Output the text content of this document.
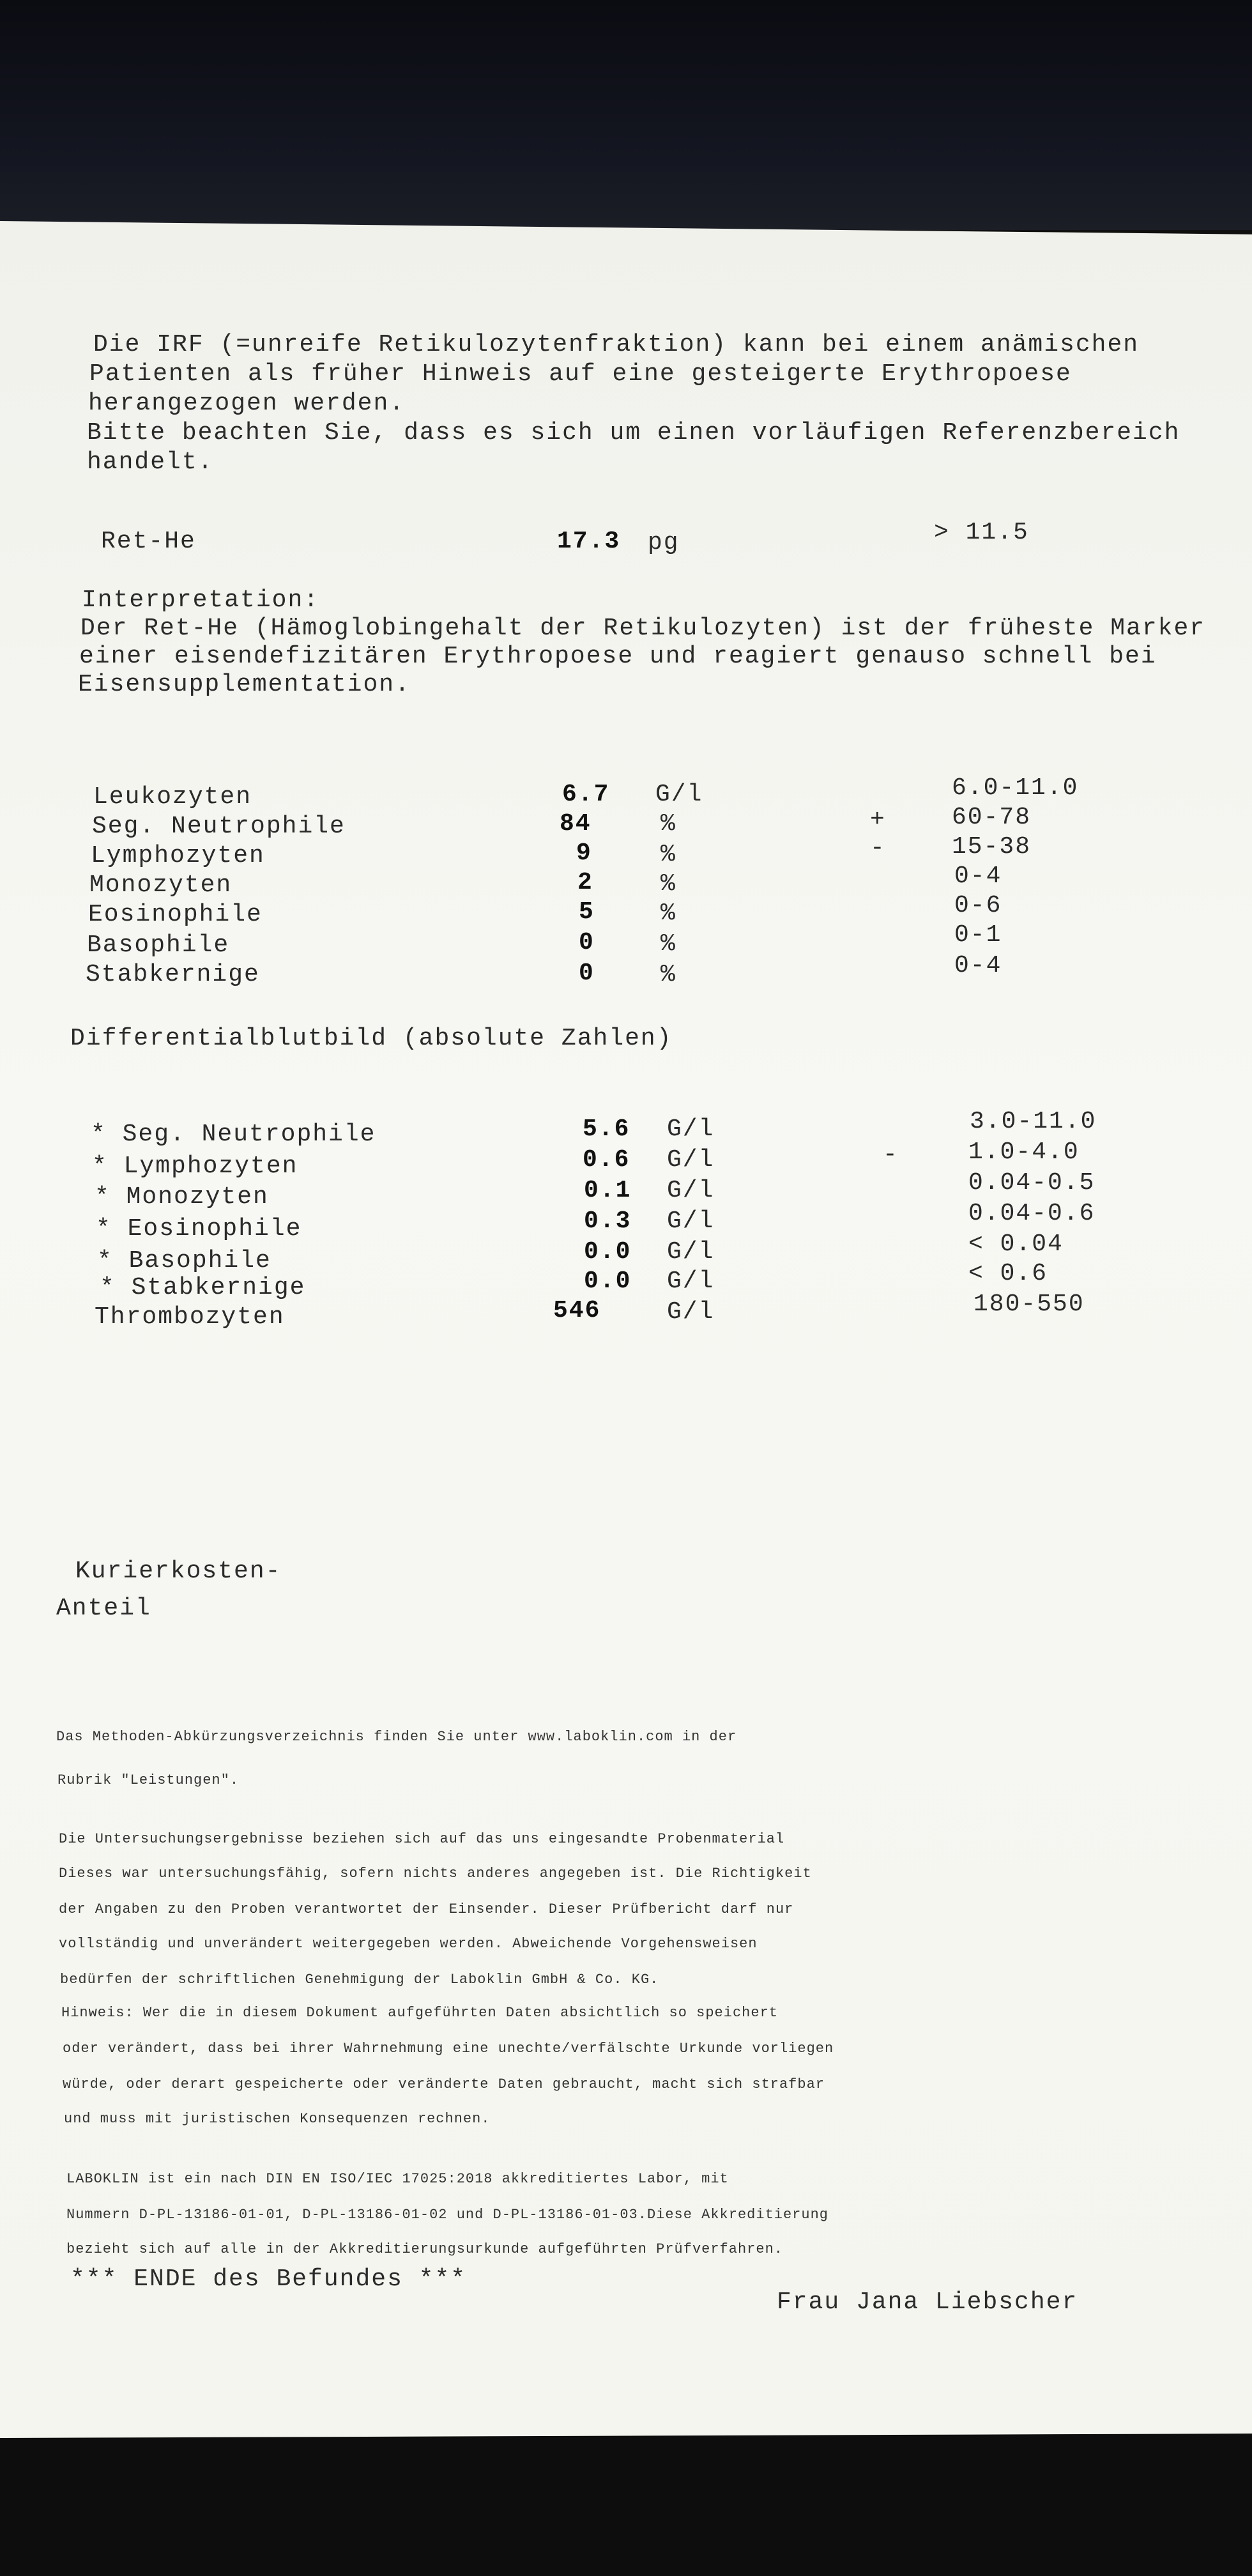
Die IRF (=unreife Retikulozytenfraktion) kann bei einem anämischen
Patienten als früher Hinweis auf eine gesteigerte Erythropoese
herangezogen werden.
Bitte beachten Sie, dass es sich um einen vorläufigen Referenzbereich
handelt.
Ret-He	17.3 pg	> 11.5
Interpretation:
Der Ret-He (Hämoglobingehalt der Retikulozyten) ist der früheste Marker
einer eisendefizitären Erythropoese und reagiert genauso schnell bei
Eisensupplementation.
Leukozyten	6.7 G/l	6.0-11.0
Seg. Neutrophile	84	%	+	60-78
Lymphozyten	9	%	-	15-38
Monozyten	2	%	0-4
Eosinophile	5	%	0-6
Basophile	0	%	0-1
Stabkernige	0	%	0-4
Differentialblutbild (absolute Zahlen)
* Seg. Neutrophile	5.6 G/l	3.0-11.0
* Lymphozyten	0.6 G/l	-	1.0-4.0
* Monozyten	0.1 G/l	0.04-0.5
* Eosinophile	0.3 G/l	0.04-0.6
* Basophile	0.0 G/l	< 0.04
* Stabkernige	0.0 G/l	< 0.6
Thrombozyten	546	G/l	180-550
Kurierkosten-
Anteil
Das Methoden-Abkürzungsverzeichnis finden Sie unter www.laboklin.com in der
Rubrik "Leistungen".
Die Untersuchungsergebnisse beziehen sich auf das uns eingesandte Probenmaterial
Dieses war untersuchungsfähig, sofern nichts anderes angegeben ist. Die Richtigkeit
der Angaben zu den Proben verantwortet der Einsender. Dieser Prüfbericht darf nur
vollständig und unverändert weitergegeben werden. Abweichende Vorgehensweisen
bedürfen der schriftlichen Genehmigung der Laboklin GmbH & Co. KG.
Hinweis: Wer die in diesem Dokument aufgeführten Daten absichtlich so speichert
oder verändert, dass bei ihrer Wahrnehmung eine unechte/verfälschte Urkunde vorliegen
würde, oder derart gespeicherte oder veränderte Daten gebraucht, macht sich strafbar
und muss mit juristischen Konsequenzen rechnen.
LABOKLIN ist ein nach DIN EN ISO/IEC 17025:2018 akkreditiertes Labor, mit
Nummern D-PL-13186-01-01, D-PL-13186-01-02 und D-PL-13186-01-03.Diese Akkreditierung
bezieht sich auf alle in der Akkreditierungsurkunde aufgeführten Prüfverfahren.
*** ENDE des Befundes ***
Frau Jana Liebscher
